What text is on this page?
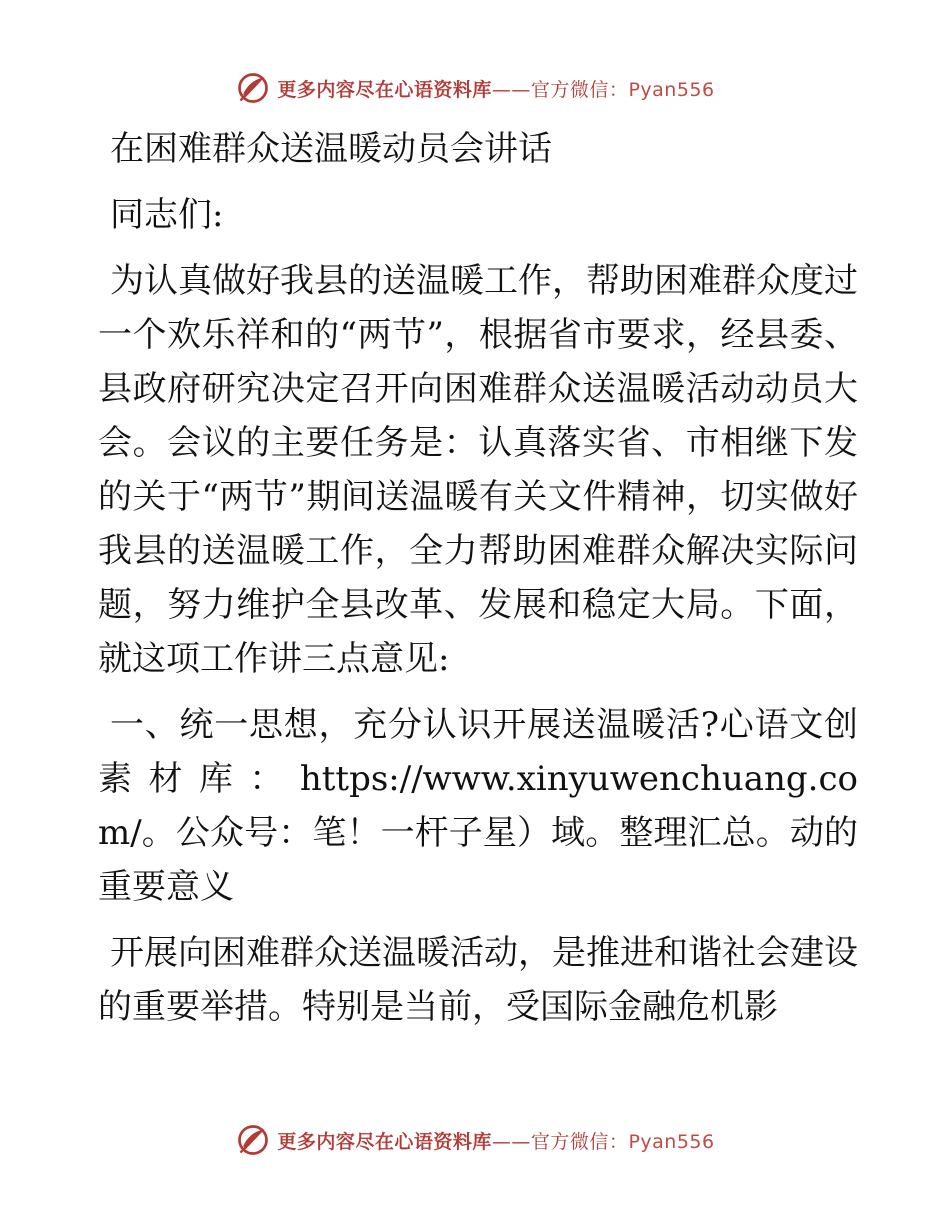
更多内容尽在心语资料库——官方微信：Pyan556

在困难群众送温暖动员会讲话

同志们:

为认真做好我县的送温暖工作，帮助困难群众度过一个欢乐祥和的“两节”，根据省市要求，经县委、县政府研究决定召开向困难群众送温暖活动动员大会。会议的主要任务是：认真落实省、市相继下发的关于“两节”期间送温暖有关文件精神，切实做好我县的送温暖工作，全力帮助困难群众解决实际问题，努力维护全县改革、发展和稳定大局。下面，就这项工作讲三点意见:

一、统一思想，充分认识开展送温暖活?心语文创素材库：https://www.xinyuwenchuang.com/。公众号：笔！一杆子星）域。整理汇总。动的重要意义

开展向困难群众送温暖活动，是推进和谐社会建设的重要举措。特别是当前，受国际金融危机影

更多内容尽在心语资料库——官方微信：Pyan556
